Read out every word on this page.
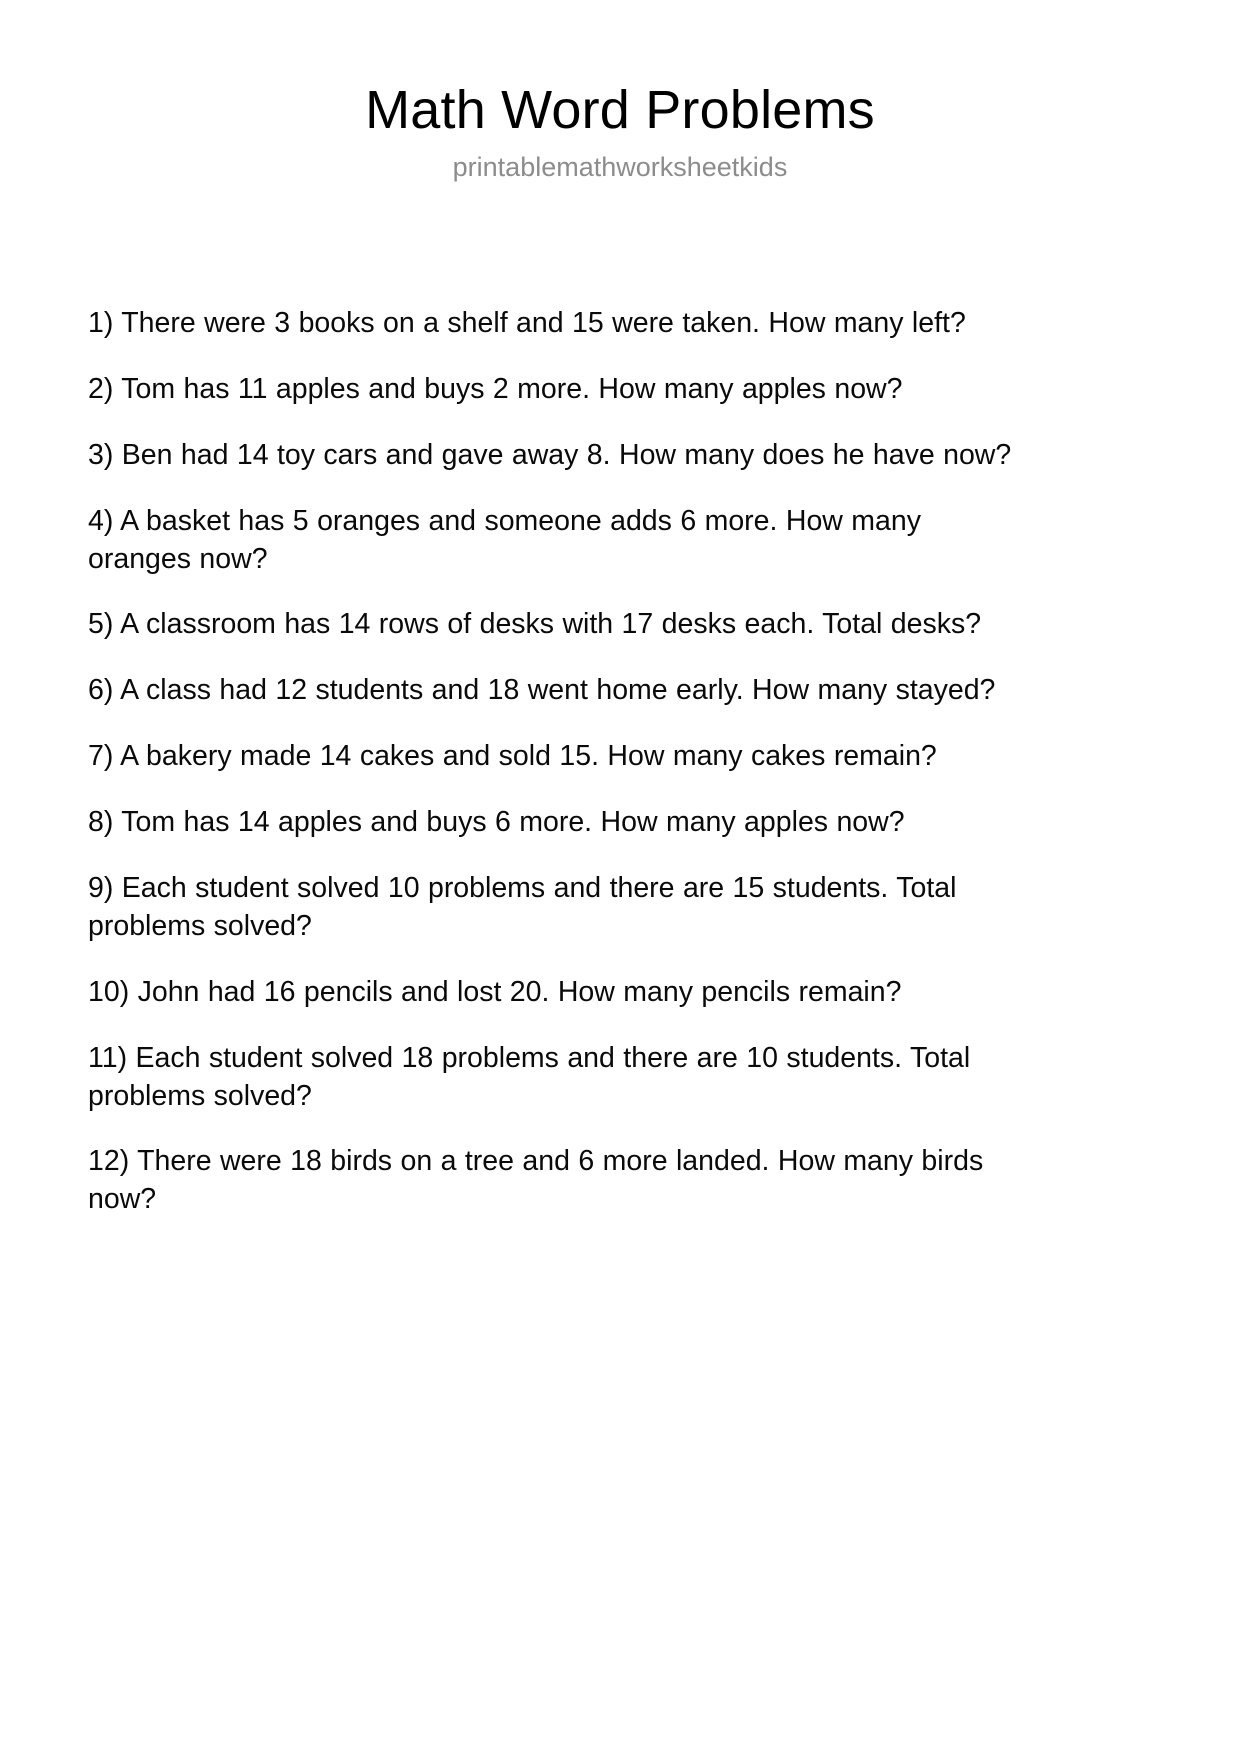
Math Word Problems
printablemathworksheetkids
1) There were 3 books on a shelf and 15 were taken. How many left?
2) Tom has 11 apples and buys 2 more. How many apples now?
3) Ben had 14 toy cars and gave away 8. How many does he have now?
4) A basket has 5 oranges and someone adds 6 more. How many oranges now?
5) A classroom has 14 rows of desks with 17 desks each. Total desks?
6) A class had 12 students and 18 went home early. How many stayed?
7) A bakery made 14 cakes and sold 15. How many cakes remain?
8) Tom has 14 apples and buys 6 more. How many apples now?
9) Each student solved 10 problems and there are 15 students. Total problems solved?
10) John had 16 pencils and lost 20. How many pencils remain?
11) Each student solved 18 problems and there are 10 students. Total problems solved?
12) There were 18 birds on a tree and 6 more landed. How many birds now?
